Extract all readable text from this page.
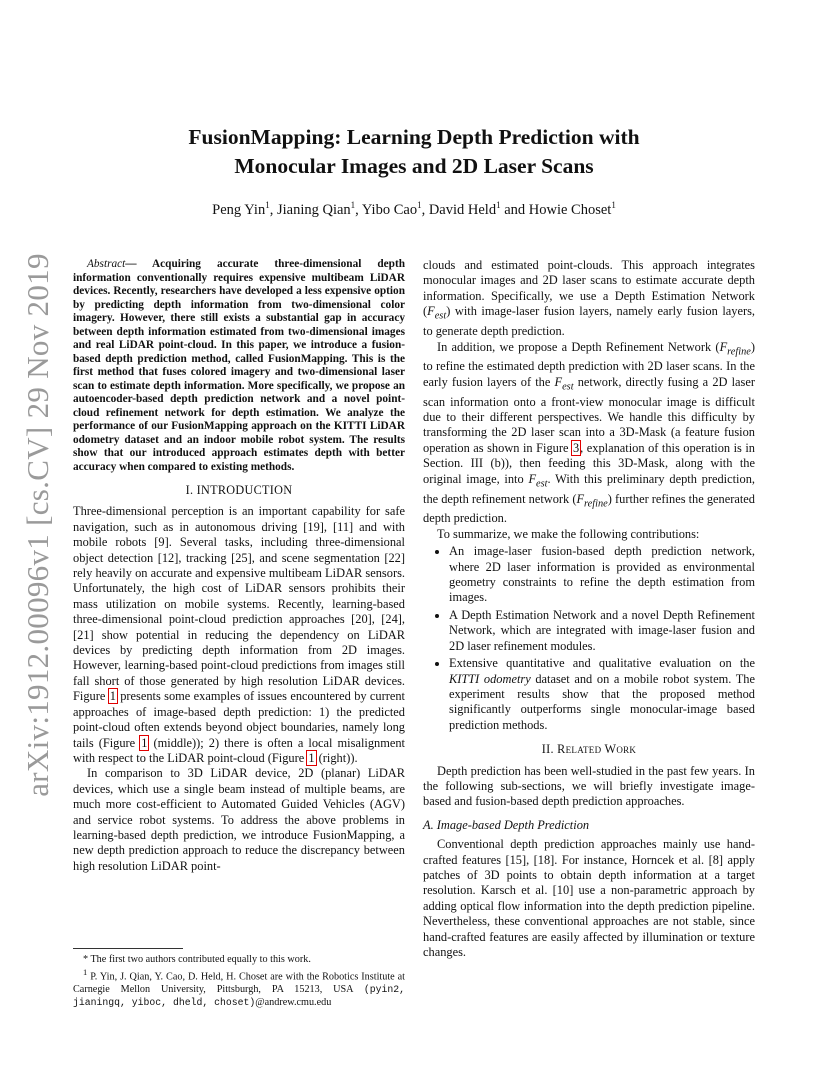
arXiv:1912.00096v1 [cs.CV] 29 Nov 2019
FusionMapping: Learning Depth Prediction with
Monocular Images and 2D Laser Scans
Peng Yin$^1$, Jianing Qian$^1$, Yibo Cao$^1$, David Held$^1$ and Howie Choset$^1$

Abstract— Acquiring accurate three-dimensional depth information conventionally requires expensive multibeam LiDAR devices. Recently, researchers have developed a less expensive option by predicting depth information from two-dimensional color imagery. However, there still exists a substantial gap in accuracy between depth information estimated from two-dimensional images and real LiDAR point-cloud. In this paper, we introduce a fusion-based depth prediction method, called FusionMapping. This is the first method that fuses colored imagery and two-dimensional laser scan to estimate depth information. More specifically, we propose an autoencoder-based depth prediction network and a novel point-cloud refinement network for depth estimation. We analyze the performance of our FusionMapping approach on the KITTI LiDAR odometry dataset and an indoor mobile robot system. The results show that our introduced approach estimates depth with better accuracy when compared to existing methods.

I. INTRODUCTION

Three-dimensional perception is an important capability for safe navigation, such as in autonomous driving [19], [11] and with mobile robots [9]. Several tasks, including three-dimensional object detection [12], tracking [25], and scene segmentation [22] rely heavily on accurate and expensive multibeam LiDAR sensors. Unfortunately, the high cost of LiDAR sensors prohibits their mass utilization on mobile systems. Recently, learning-based three-dimensional point-cloud prediction approaches [20], [24], [21] show potential in reducing the dependency on LiDAR devices by predicting depth information from 2D images. However, learning-based point-cloud predictions from images still fall short of those generated by high resolution LiDAR devices. Figure 1 presents some examples of issues encountered by current approaches of image-based depth prediction: 1) the predicted point-cloud often extends beyond object boundaries, namely long tails (Figure 1 (middle)); 2) there is often a local misalignment with respect to the LiDAR point-cloud (Figure 1 (right)).

In comparison to 3D LiDAR device, 2D (planar) LiDAR devices, which use a single beam instead of multiple beams, are much more cost-efficient to Automated Guided Vehicles (AGV) and service robot systems. To address the above problems in learning-based depth prediction, we introduce FusionMapping, a new depth prediction approach to reduce the discrepancy between high resolution LiDAR point-

* The first two authors contributed equally to this work.

$^1$ P. Yin, J. Qian, Y. Cao, D. Held, H. Choset are with the Robotics Institute at Carnegie Mellon University, Pittsburgh, PA 15213, USA (pyin2, jianingq, yiboc, dheld, choset)@andrew.cmu.edu

clouds and estimated point-clouds. This approach integrates monocular images and 2D laser scans to estimate accurate depth information. Specifically, we use a Depth Estimation Network $(F_{est})$ with image-laser fusion layers, namely early fusion layers, to generate depth prediction.

In addition, we propose a Depth Refinement Network $(F_{refine})$ to refine the estimated depth prediction with 2D laser scans. In the early fusion layers of the $F_{est}$ network, directly fusing a 2D laser scan information onto a front-view monocular image is difficult due to their different perspectives. We handle this difficulty by transforming the 2D laser scan into a 3D-Mask (a feature fusion operation as shown in Figure 3, explanation of this operation is in Section. III (b)), then feeding this 3D-Mask, along with the original image, into $F_{est}$. With this preliminary depth prediction, the depth refinement network $(F_{refine})$ further refines the generated depth prediction.

To summarize, we make the following contributions:

• An image-laser fusion-based depth prediction network, where 2D laser information is provided as environmental geometry constraints to refine the depth estimation from images.
• A Depth Estimation Network and a novel Depth Refinement Network, which are integrated with image-laser fusion and 2D laser refinement modules.
• Extensive quantitative and qualitative evaluation on the KITTI odometry dataset and on a mobile robot system. The experiment results show that the proposed method significantly outperforms single monocular-image based prediction methods.
II. Related Work

Depth prediction has been well-studied in the past few years. In the following sub-sections, we will briefly investigate image-based and fusion-based depth prediction approaches.

A. Image-based Depth Prediction

Conventional depth prediction approaches mainly use hand-crafted features [15], [18]. For instance, Horncek et al. [8] apply patches of 3D points to obtain depth information at a target resolution. Karsch et al. [10] use a non-parametric approach by adding optical flow information into the depth prediction pipeline. Nevertheless, these conventional approaches are not stable, since hand-crafted features are easily affected by illumination or texture changes.
